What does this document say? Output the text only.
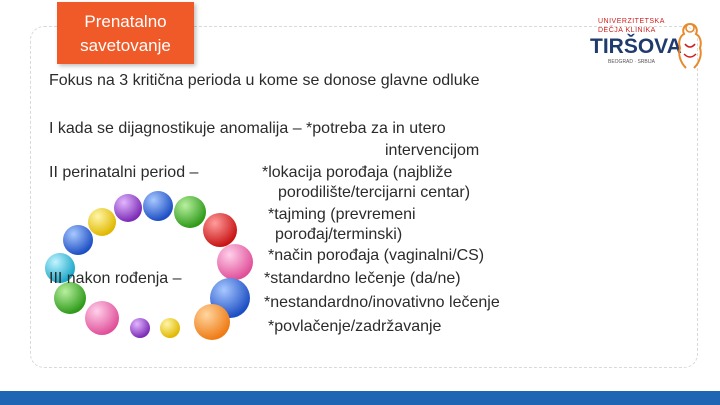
Prenatalno
savetovanje
UNIVERZITETSKA
DEČJA KLINIKA
TIRŠOVA
BEOGRAD · SRBIJA
Fokus na 3 kritična perioda u kome se donose glavne odluke
I kada se dijagnostikuje anomalija – *potreba za in utero
intervencijom
II perinatalni period –	*lokacija porođaja (najbliže
porodilište/tercijarni centar)
*tajming (prevremeni
porođaj/terminski)
*način porođaja (vaginalni/CS)
III nakon rođenja –	*standardno lečenje (da/ne)
*nestandardno/inovativno lečenje
*povlačenje/zadržavanje
